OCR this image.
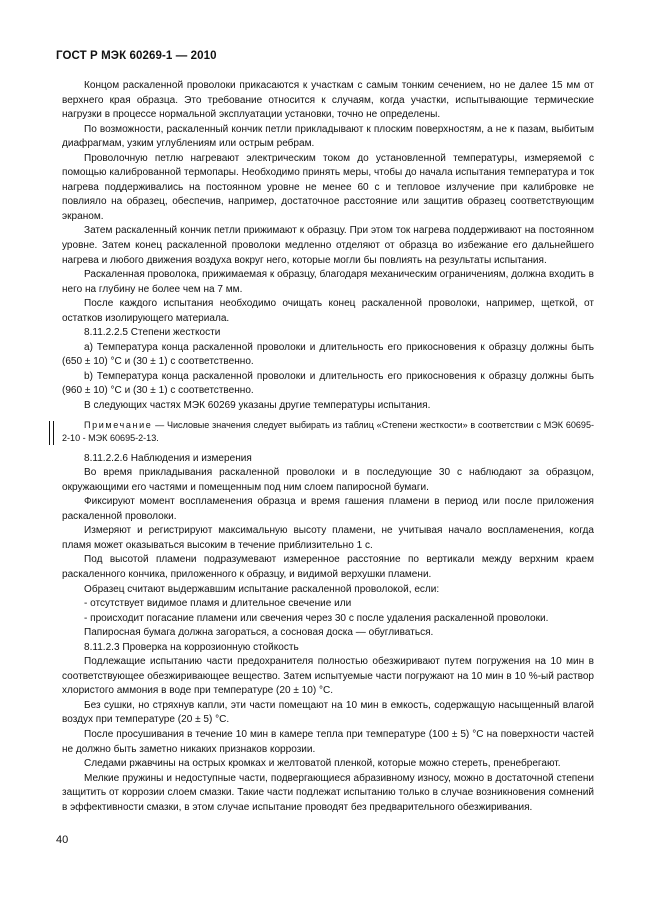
ГОСТ Р МЭК 60269-1 — 2010

Концом раскаленной проволоки прикасаются к участкам с самым тонким сечением, но не далее 15 мм от верхнего края образца. Это требование относится к случаям, когда участки, испытывающие термические нагрузки в процессе нормальной эксплуатации установки, точно не определены.

По возможности, раскаленный кончик петли прикладывают к плоским поверхностям, а не к пазам, выбитым диафрагмам, узким углублениям или острым ребрам.

Проволочную петлю нагревают электрическим током до установленной температуры, измеряемой с помощью калиброванной термопары. Необходимо принять меры, чтобы до начала испытания температура и ток нагрева поддерживались на постоянном уровне не менее 60 с и тепловое излучение при калибровке не повлияло на образец, обеспечив, например, достаточное расстояние или защитив образец соответствующим экраном.

Затем раскаленный кончик петли прижимают к образцу. При этом ток нагрева поддерживают на постоянном уровне. Затем конец раскаленной проволоки медленно отделяют от образца во избежание его дальнейшего нагрева и любого движения воздуха вокруг него, которые могли бы повлиять на результаты испытания.

Раскаленная проволока, прижимаемая к образцу, благодаря механическим ограничениям, должна входить в него на глубину не более чем на 7 мм.

После каждого испытания необходимо очищать конец раскаленной проволоки, например, щеткой, от остатков изолирующего материала.

8.11.2.2.5 Степени жесткости

а) Температура конца раскаленной проволоки и длительность его прикосновения к образцу должны быть (650 ± 10) °С и (30 ± 1) с соответственно.

b) Температура конца раскаленной проволоки и длительность его прикосновения к образцу должны быть (960 ± 10) °С и (30 ± 1) с соответственно.

В следующих частях МЭК 60269 указаны другие температуры испытания.

Примечание — Числовые значения следует выбирать из таблиц «Степени жесткости» в соответствии с МЭК 60695-2-10 - МЭК 60695-2-13.

8.11.2.2.6 Наблюдения и измерения

Во время прикладывания раскаленной проволоки и в последующие 30 с наблюдают за образцом, окружающими его частями и помещенным под ним слоем папиросной бумаги.

Фиксируют момент воспламенения образца и время гашения пламени в период или после приложения раскаленной проволоки.

Измеряют и регистрируют максимальную высоту пламени, не учитывая начало воспламенения, когда пламя может оказываться высоким в течение приблизительно 1 с.

Под высотой пламени подразумевают измеренное расстояние по вертикали между верхним краем раскаленного кончика, приложенного к образцу, и видимой верхушки пламени.

Образец считают выдержавшим испытание раскаленной проволокой, если:

- отсутствует видимое пламя и длительное свечение или

- происходит погасание пламени или свечения через 30 с после удаления раскаленной проволоки.

Папиросная бумага должна загораться, а сосновая доска — обугливаться.

8.11.2.3 Проверка на коррозионную стойкость

Подлежащие испытанию части предохранителя полностью обезжиривают путем погружения на 10 мин в соответствующее обезжиривающее вещество. Затем испытуемые части погружают на 10 мин в 10 %-ый раствор хлористого аммония в воде при температуре (20 ± 10) °С.

Без сушки, но стряхнув капли, эти части помещают на 10 мин в емкость, содержащую насыщенный влагой воздух при температуре (20 ± 5) °С.

После просушивания в течение 10 мин в камере тепла при температуре (100 ± 5) °С на поверхности частей не должно быть заметно никаких признаков коррозии.

Следами ржавчины на острых кромках и желтоватой пленкой, которые можно стереть, пренебрегают.

Мелкие пружины и недоступные части, подвергающиеся абразивному износу, можно в достаточной степени защитить от коррозии слоем смазки. Такие части подлежат испытанию только в случае возникновения сомнений в эффективности смазки, в этом случае испытание проводят без предварительного обезжиривания.

40
